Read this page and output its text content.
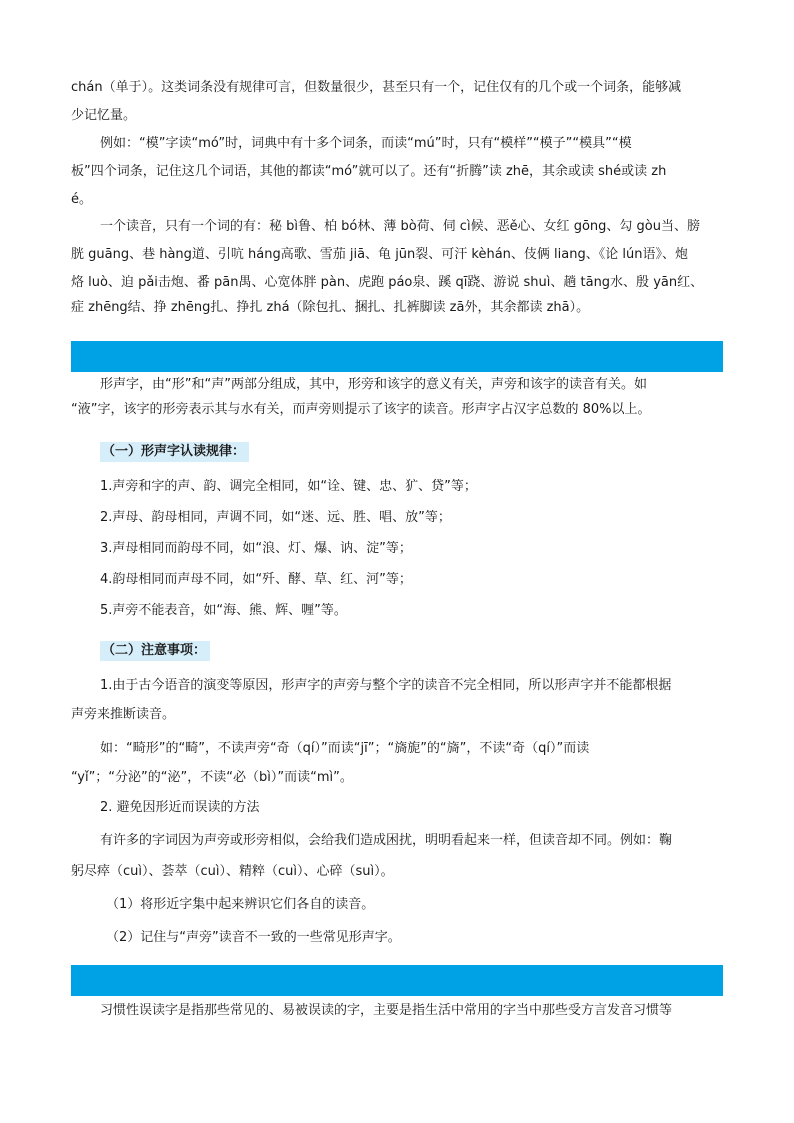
chán（单于）。这类词条没有规律可言，但数量很少，甚至只有一个，记住仅有的几个或一个词条，能够减
少记忆量。
例如：“模”字读“mó”时，词典中有十多个词条，而读“mú”时，只有“模样”“模子”“模具”“模
板”四个词条，记住这几个词语，其他的都读“mó”就可以了。还有“折腾”读 zhē，其余或读 shé或读 zh
é。
一个读音，只有一个词的有：秘 bì鲁、柏 bó林、薄 bò荷、伺 cì候、恶ě心、女红 gōng、勾 gòu当、膀
胱 guāng、巷 hàng道、引吭 háng高歌、雪茄 jiā、龟 jūn裂、可汗 kèhán、伎俩 liang、《论 lún语》、炮
烙 luò、迫 pǎi击炮、番 pān禺、心宽体胖 pàn、虎跑 páo泉、蹊 qī跷、游说 shuì、趟 tāng水、殷 yān红、
症 zhēng结、挣 zhēng扎、挣扎 zhá（除包扎、捆扎、扎裤脚读 zā外，其余都读 zhā）。
形声字，由“形”和“声”两部分组成，其中，形旁和该字的意义有关，声旁和该字的读音有关。如
“液”字，该字的形旁表示其与水有关，而声旁则提示了该字的读音。形声字占汉字总数的 80%以上。
（一）形声字认读规律：
1.声旁和字的声、韵、调完全相同，如“诠、键、忠、犷、贷”等；
2.声母、韵母相同，声调不同，如“迷、远、胜、唱、放”等；
3.声母相同而韵母不同，如“浪、灯、爆、讷、淀”等；
4.韵母相同而声母不同，如“歼、酵、草、红、河”等；
5.声旁不能表音，如“海、熊、辉、喱”等。
（二）注意事项：
1.由于古今语音的演变等原因，形声字的声旁与整个字的读音不完全相同，所以形声字并不能都根据
声旁来推断读音。
如：“畸形”的“畸”，不读声旁“奇（qí）”而读“jī”；“旖旎”的“旖”，不读“奇（qí）”而读
“yǐ”；“分泌”的“泌”，不读“必（bì）”而读“mì”。
2. 避免因形近而误读的方法
有许多的字词因为声旁或形旁相似，会给我们造成困扰，明明看起来一样，但读音却不同。例如：鞠
躬尽瘁（cuì）、荟萃（cuì）、精粹（cuì）、心碎（suì）。
（1）将形近字集中起来辨识它们各自的读音。
（2）记住与“声旁”读音不一致的一些常见形声字。
习惯性误读字是指那些常见的、易被误读的字，主要是指生活中常用的字当中那些受方言发音习惯等
